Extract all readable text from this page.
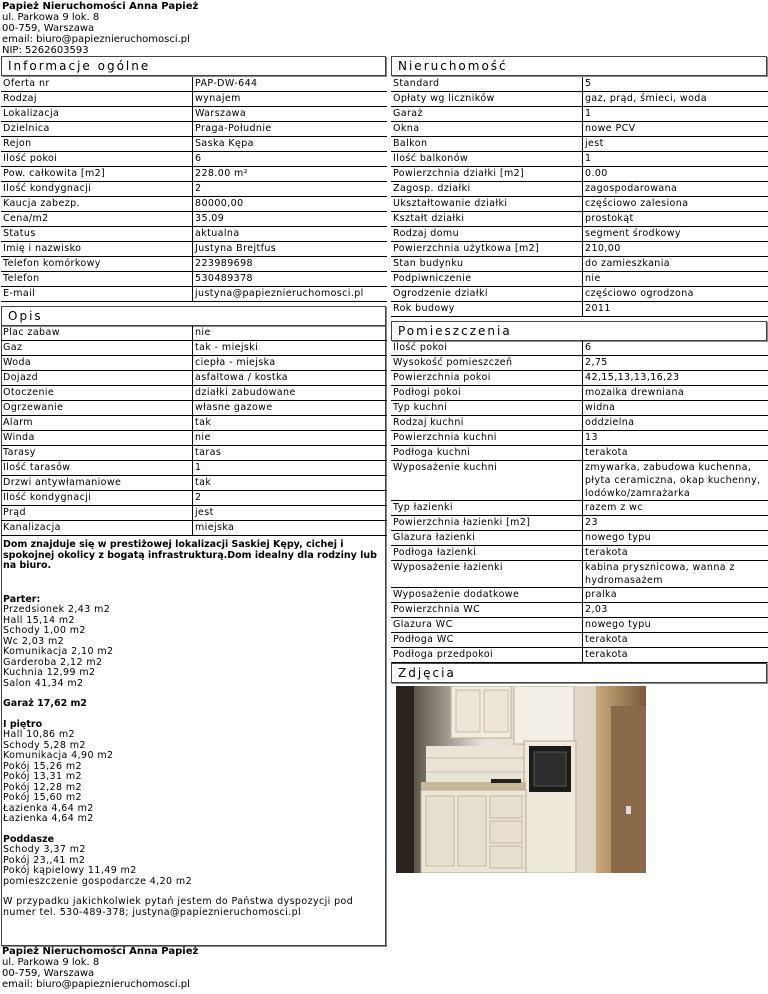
Papież Nieruchomości Anna Papież
ul. Parkowa 9 lok. 8
00-759, Warszawa
email: biuro@papieznieruchomosci.pl
NIP: 5262603593
Informacje ogólne
Oferta nr	PAP-DW-644
Rodzaj	wynajem
Lokalizacja	Warszawa
Dzielnica	Praga-Południe
Rejon	Saska Kępa
Ilość pokoi	6
Pow. całkowita [m2]	228.00 m²
Ilość kondygnacji	2
Kaucja zabezp.	80000,00
Cena/m2	35.09
Status	aktualna
Imię i nazwisko	Justyna Brejtfus
Telefon komórkowy	223989698
Telefon	530489378
E-mail	justyna@papieznieruchomosci.pl
Opis
Plac zabaw	nie
Gaz	tak - miejski
Woda	ciepła - miejska
Dojazd	asfaltowa / kostka
Otoczenie	działki zabudowane
Ogrzewanie	własne gazowe
Alarm	tak
Winda	nie
Tarasy	taras
Ilość tarasów	1
Drzwi antywłamaniowe	tak
Ilość kondygnacji	2
Prąd	jest
Kanalizacja	miejska

Dom znajduje się w prestiżowej lokalizacji Saskiej Kępy, cichej i spokojnej okolicy z bogatą infrastrukturą.Dom idealny dla rodziny lub na biuro.

Parter:

Przedsionek 2,43 m2
Hall 15,14 m2
Schody 1,00 m2
Wc 2,03 m2
Komunikacja 2,10 m2
Garderoba 2,12 m2
Kuchnia 12,99 m2
Salon 41,34 m2

Garaż 17,62 m2

I piętro

Hall 10,86 m2
Schody 5,28 m2
Komunikacja 4,90 m2
Pokój 15,26 m2
Pokój 13,31 m2
Pokój 12,28 m2
Pokój 15,60 m2
Łazienka 4,64 m2
Łazienka 4,64 m2

Poddasze

Schody 3,37 m2
Pokój 23,,41 m2
Pokój kąpielowy 11,49 m2
pomieszczenie gospodarcze 4,20 m2

W przypadku jakichkolwiek pytań jestem do Państwa dyspozycji pod numer tel. 530-489-378; justyna@papieznieruchomosci.pl

Nieruchomość
Standard	5
Opłaty wg liczników	gaz, prąd, śmieci, woda
Garaż	1
Okna	nowe PCV
Balkon	jest
Ilość balkonów	1
Powierzchnia działki [m2]	0.00
Zagosp. działki	zagospodarowana
Ukształtowanie działki	częściowo zalesiona
Kształt działki	prostokąt
Rodzaj domu	segment środkowy
Powierzchnia użytkowa [m2]	210,00
Stan budynku	do zamieszkania
Podpiwniczenie	nie
Ogrodzenie działki	częściowo ogrodzona
Rok budowy	2011
Pomieszczenia
Ilość pokoi	6
Wysokość pomieszczeń	2,75
Powierzchnia pokoi	42,15,13,13,16,23
Podłogi pokoi	mozaika drewniana
Typ kuchni	widna
Rodzaj kuchni	oddzielna
Powierzchnia kuchni	13
Podłoga kuchni	terakota
Wyposażenie kuchni	zmywarka, zabudowa kuchenna, płyta ceramiczna, okap kuchenny, lodówko/zamrażarka
Typ łazienki	razem z wc
Powierzchnia łazienki [m2]	23
Glazura łazienki	nowego typu
Podłoga łazienki	terakota
Wyposażenie łazienki	kabina prysznicowa, wanna z hydromasażem
Wyposażenie dodatkowe	pralka
Powierzchnia WC	2,03
Glazura WC	nowego typu
Podłoga WC	terakota
Podłoga przedpokoi	terakota
Zdjęcia
Papież Nieruchomości Anna Papież
ul. Parkowa 9 lok. 8
00-759, Warszawa
email: biuro@papieznieruchomosci.pl
